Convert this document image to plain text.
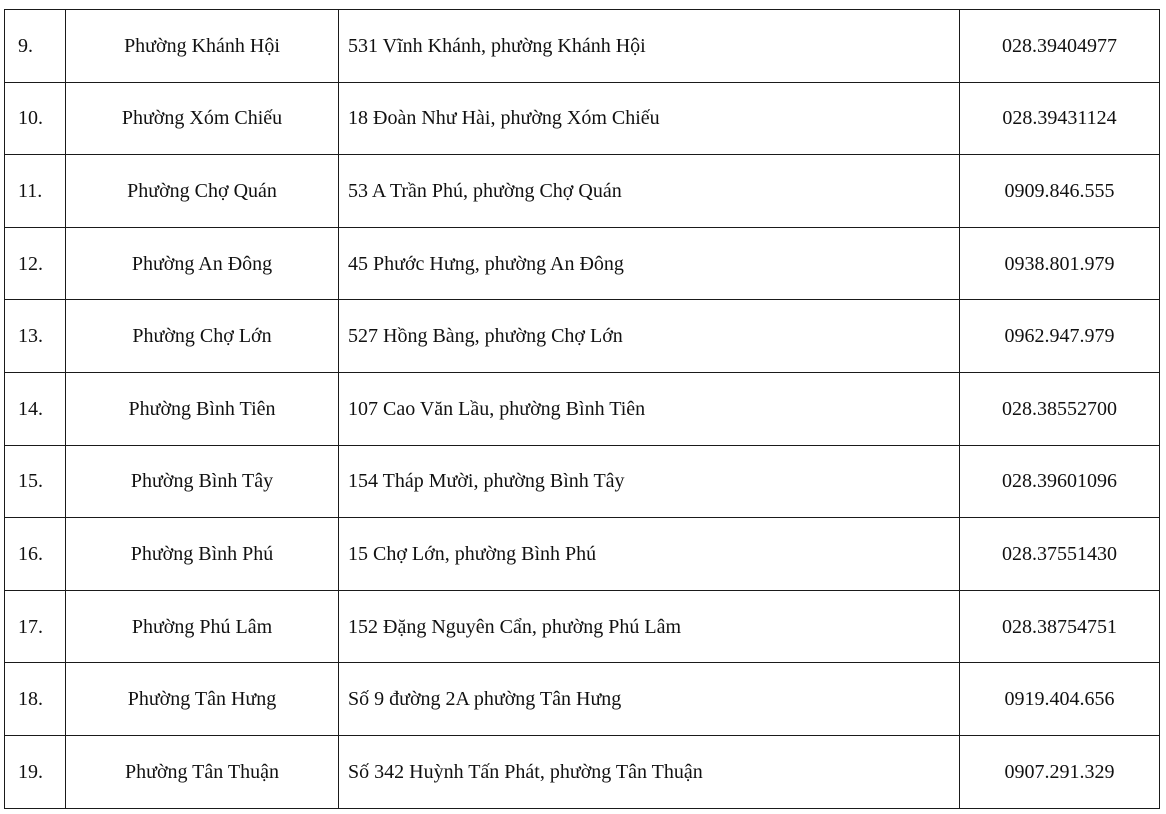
9.	Phường Khánh Hội	531 Vĩnh Khánh, phường Khánh Hội	028.39404977
10.	Phường Xóm Chiếu	18 Đoàn Như Hài, phường Xóm Chiếu	028.39431124
11.	Phường Chợ Quán	53 A Trần Phú, phường Chợ Quán	0909.846.555
12.	Phường An Đông	45 Phước Hưng, phường An Đông	0938.801.979
13.	Phường Chợ Lớn	527 Hồng Bàng, phường Chợ Lớn	0962.947.979
14.	Phường Bình Tiên	107 Cao Văn Lầu, phường Bình Tiên	028.38552700
15.	Phường Bình Tây	154 Tháp Mười, phường Bình Tây	028.39601096
16.	Phường Bình Phú	15 Chợ Lớn, phường Bình Phú	028.37551430
17.	Phường Phú Lâm	152 Đặng Nguyên Cẩn, phường Phú Lâm	028.38754751
18.	Phường Tân Hưng	Số 9 đường 2A phường Tân Hưng	0919.404.656
19.	Phường Tân Thuận	Số 342 Huỳnh Tấn Phát, phường Tân Thuận	0907.291.329
